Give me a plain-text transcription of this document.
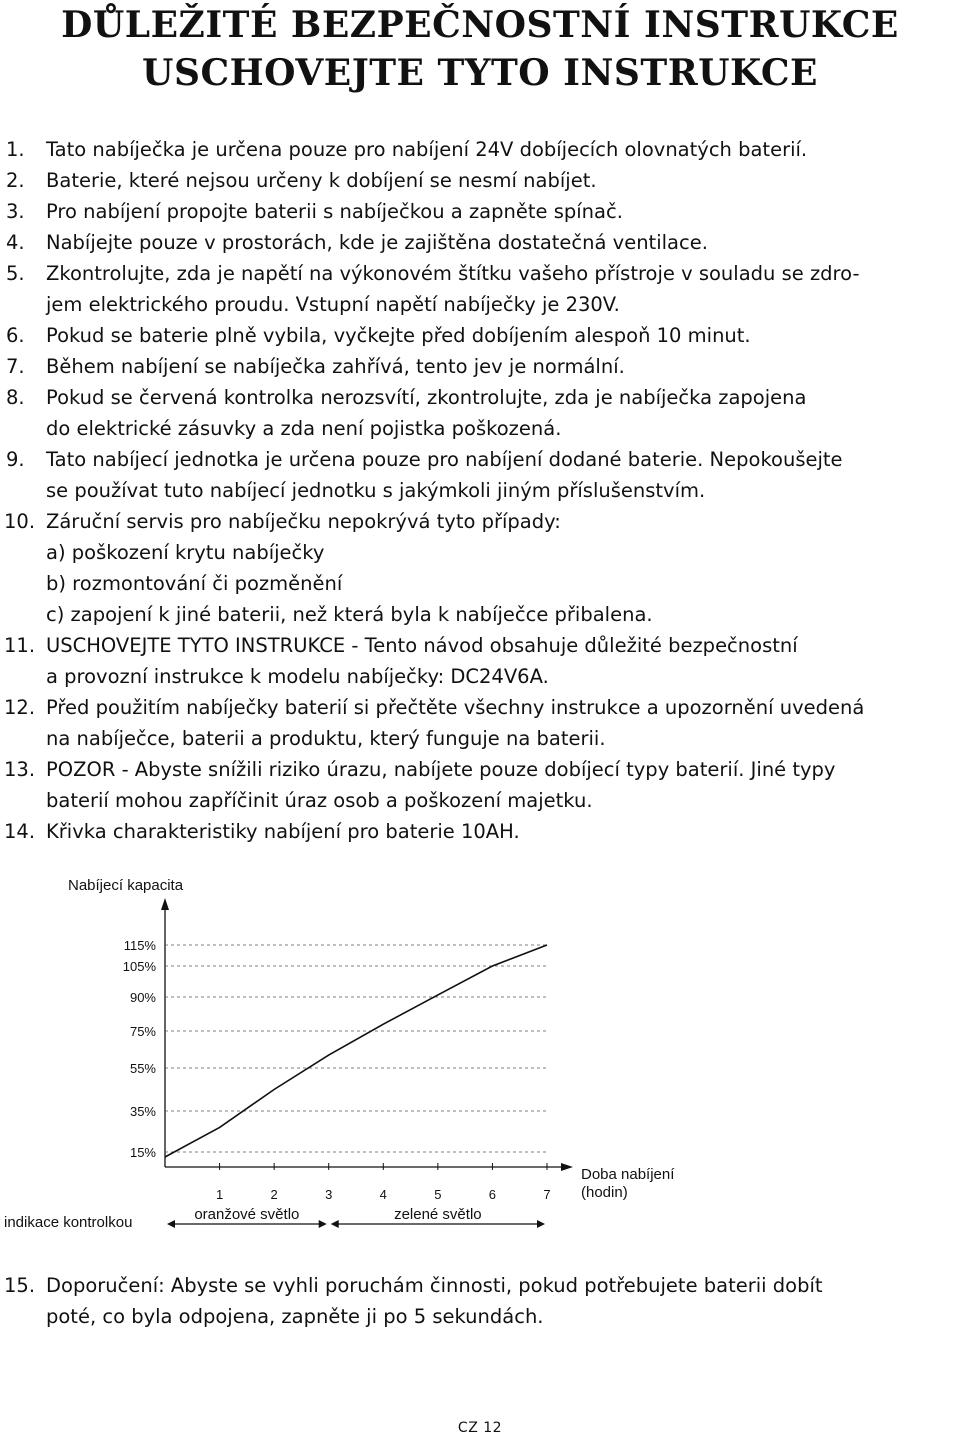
DŮLEŽITÉ BEZPEČNOSTNÍ INSTRUKCE
USCHOVEJTE TYTO INSTRUKCE
1. Tato nabíječka je určena pouze pro nabíjení 24V dobíjecích olovnatých baterií.
2. Baterie, které nejsou určeny k dobíjení se nesmí nabíjet.
3. Pro nabíjení propojte baterii s nabíječkou a zapněte spínač.
4. Nabíjejte pouze v prostorách, kde je zajištěna dostatečná ventilace.
5. Zkontrolujte, zda je napětí na výkonovém štítku vašeho přístroje v souladu se zdro-
jem elektrického proudu. Vstupní napětí nabíječky je 230V.
6. Pokud se baterie plně vybila, vyčkejte před dobíjením alespoň 10 minut.
7. Během nabíjení se nabíječka zahřívá, tento jev je normální.
8. Pokud se červená kontrolka nerozsvítí, zkontrolujte, zda je nabíječka zapojena
do elektrické zásuvky a zda není pojistka poškozená.
9. Tato nabíjecí jednotka je určena pouze pro nabíjení dodané baterie. Nepokoušejte
se používat tuto nabíjecí jednotku s jakýmkoli jiným příslušenstvím.
10. Záruční servis pro nabíječku nepokrývá tyto případy:
a) poškození krytu nabíječky
b) rozmontování či pozměnění
c) zapojení k jiné baterii, než která byla k nabíječce přibalena.
11. USCHOVEJTE TYTO INSTRUKCE - Tento návod obsahuje důležité bezpečnostní
a provozní instrukce k modelu nabíječky: DC24V6A.
12. Před použitím nabíječky baterií si přečtěte všechny instrukce a upozornění uvedená
na nabíječce, baterii a produktu, který funguje na baterii.
13. POZOR - Abyste snížili riziko úrazu, nabíjete pouze dobíjecí typy baterií. Jiné typy
baterií mohou zapříčinit úraz osob a poškození majetku.
14. Křivka charakteristiky nabíjení pro baterie 10AH.
Nabíjecí kapacita
15%
35%
55%
75%
90%
105%
115%
1	2	3	4	5	6	7
Doba nabíjení
(hodin)
indikace kontrolkou	oranžové světlo	zelené světlo
15. Doporučení: Abyste se vyhli poruchám činnosti, pokud potřebujete baterii dobít
poté, co byla odpojena, zapněte ji po 5 sekundách.
CZ 12
